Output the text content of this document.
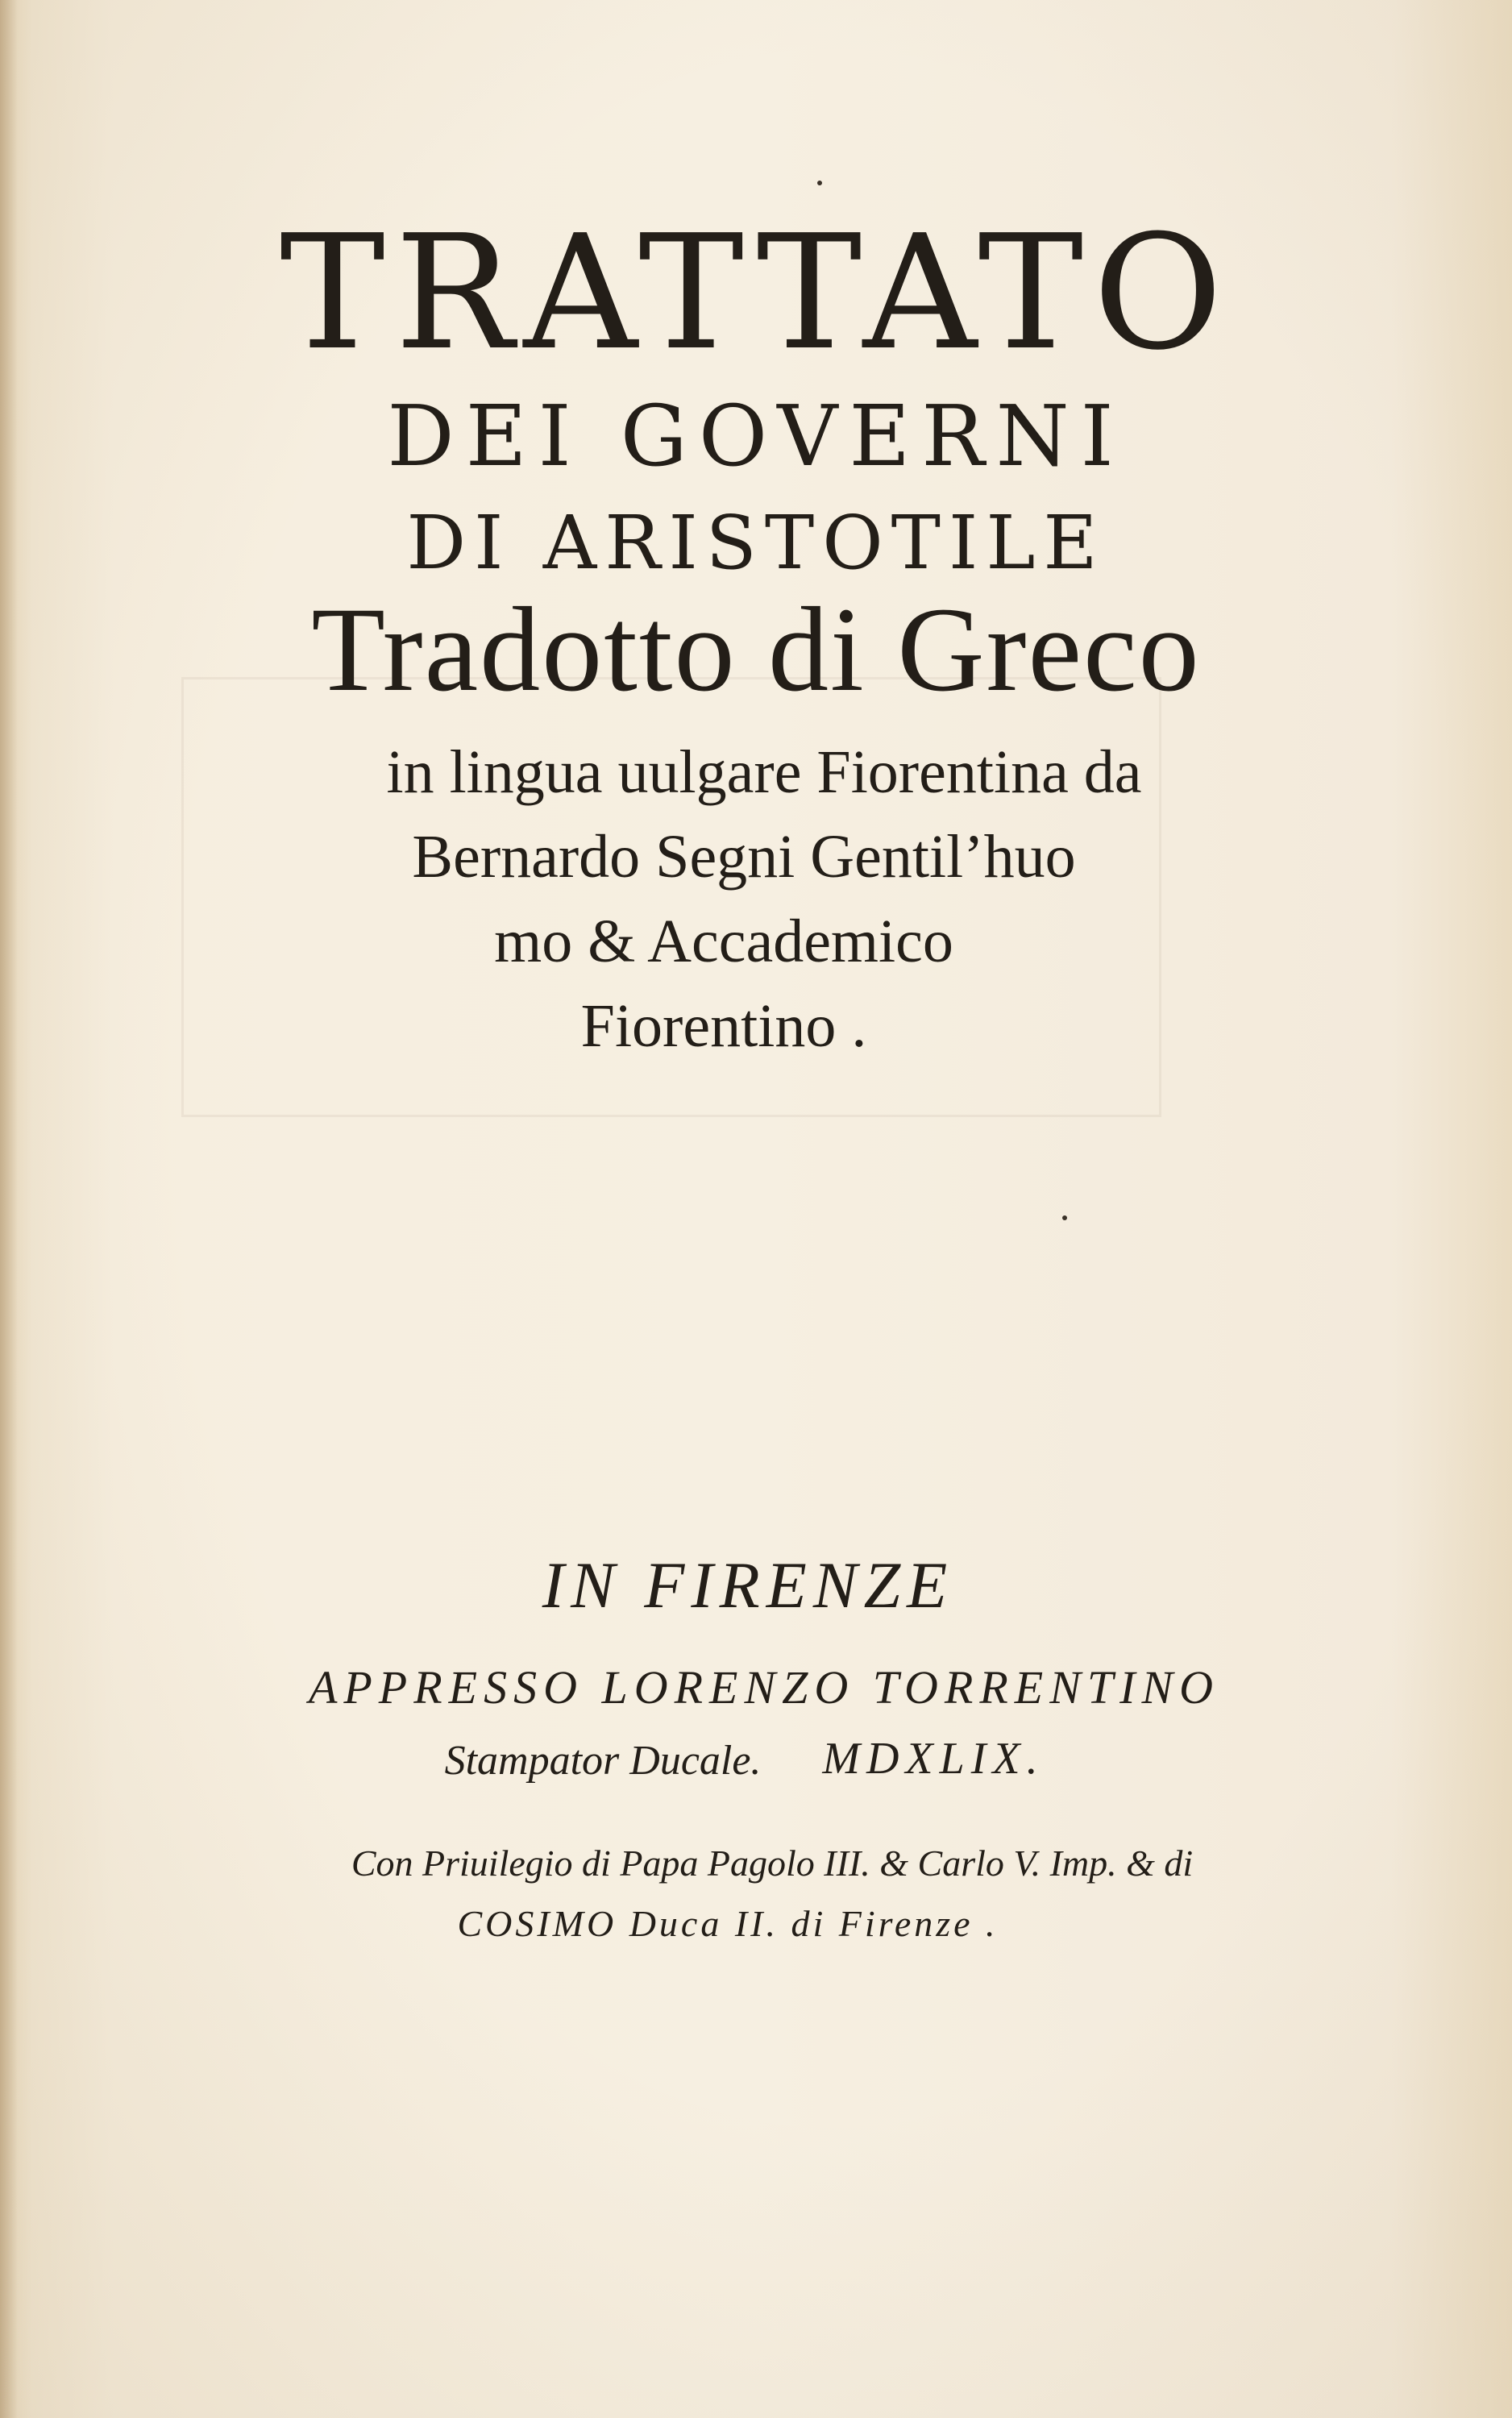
TRATTATO
DEI GOVERNI
DI ARISTOTILE
Tradotto di Greco
in lingua uulgare Fiorentina da
Bernardo Segni Gentil’huo
mo & Accademico
Fiorentino .
IN FIRENZE
APPRESSO LORENZO TORRENTINO
Stampator Ducale.	MDXLIX.
Con Priuilegio di Papa Pagolo III. & Carlo V. Imp. & di
COSIMO Duca II. di Firenze .
